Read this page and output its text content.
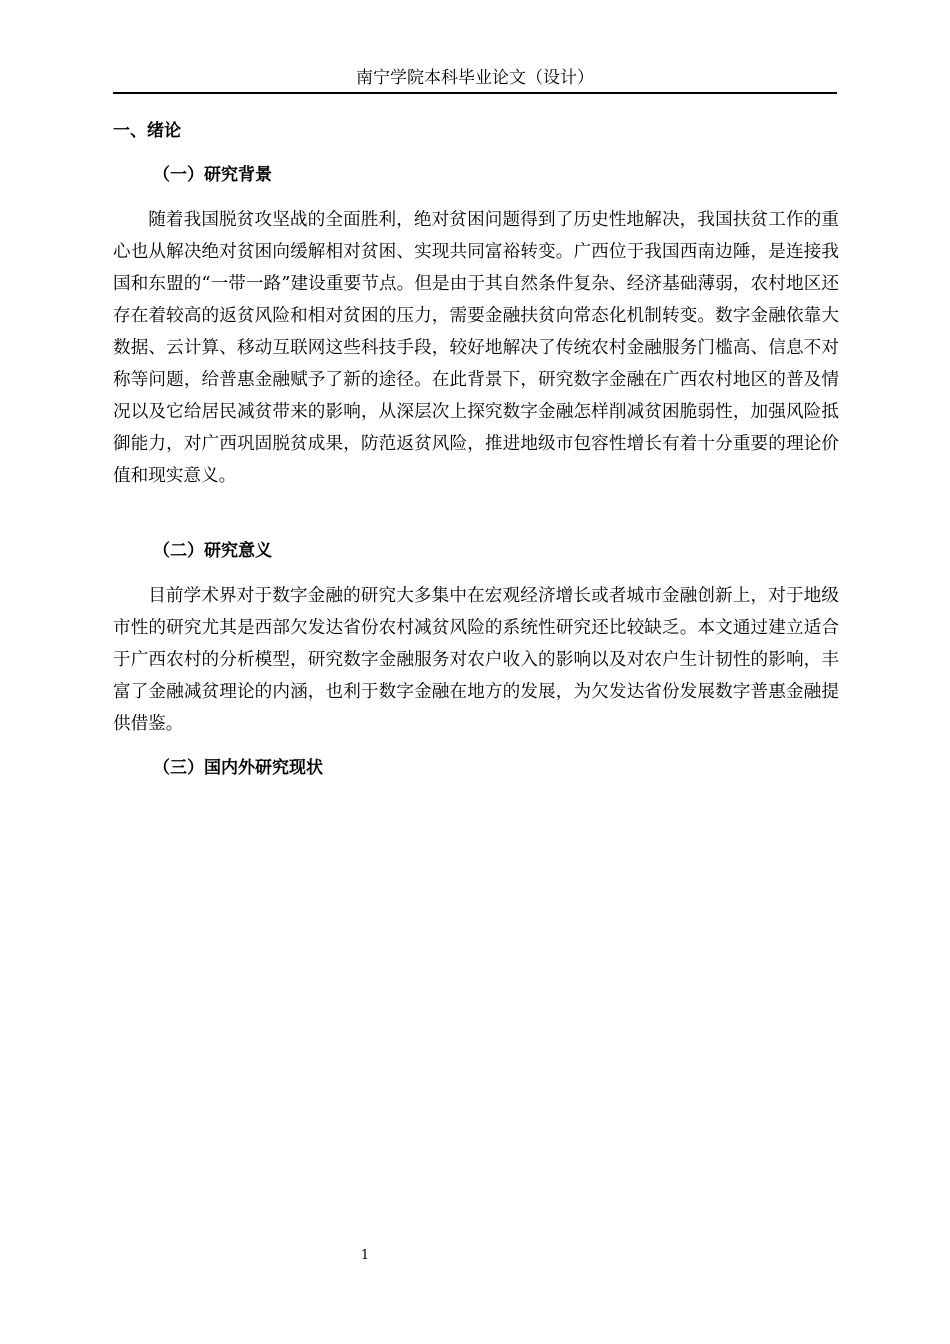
南宁学院本科毕业论文（设计）
一、绪论
（一）研究背景
随着我国脱贫攻坚战的全面胜利，绝对贫困问题得到了历史性地解决，我国扶贫工作的重心也从解决绝对贫困向缓解相对贫困、实现共同富裕转变。广西位于我国西南边陲，是连接我国和东盟的“一带一路”建设重要节点。但是由于其自然条件复杂、经济基础薄弱，农村地区还存在着较高的返贫风险和相对贫困的压力，需要金融扶贫向常态化机制转变。数字金融依靠大数据、云计算、移动互联网这些科技手段，较好地解决了传统农村金融服务门槛高、信息不对称等问题，给普惠金融赋予了新的途径。在此背景下，研究数字金融在广西农村地区的普及情况以及它给居民减贫带来的影响，从深层次上探究数字金融怎样削减贫困脆弱性，加强风险抵御能力，对广西巩固脱贫成果，防范返贫风险，推进地级市包容性增长有着十分重要的理论价值和现实意义。
（二）研究意义
目前学术界对于数字金融的研究大多集中在宏观经济增长或者城市金融创新上，对于地级市性的研究尤其是西部欠发达省份农村减贫风险的系统性研究还比较缺乏。本文通过建立适合于广西农村的分析模型，研究数字金融服务对农户收入的影响以及对农户生计韧性的影响，丰富了金融减贫理论的内涵，也利于数字金融在地方的发展，为欠发达省份发展数字普惠金融提供借鉴。
（三）国内外研究现状
1
